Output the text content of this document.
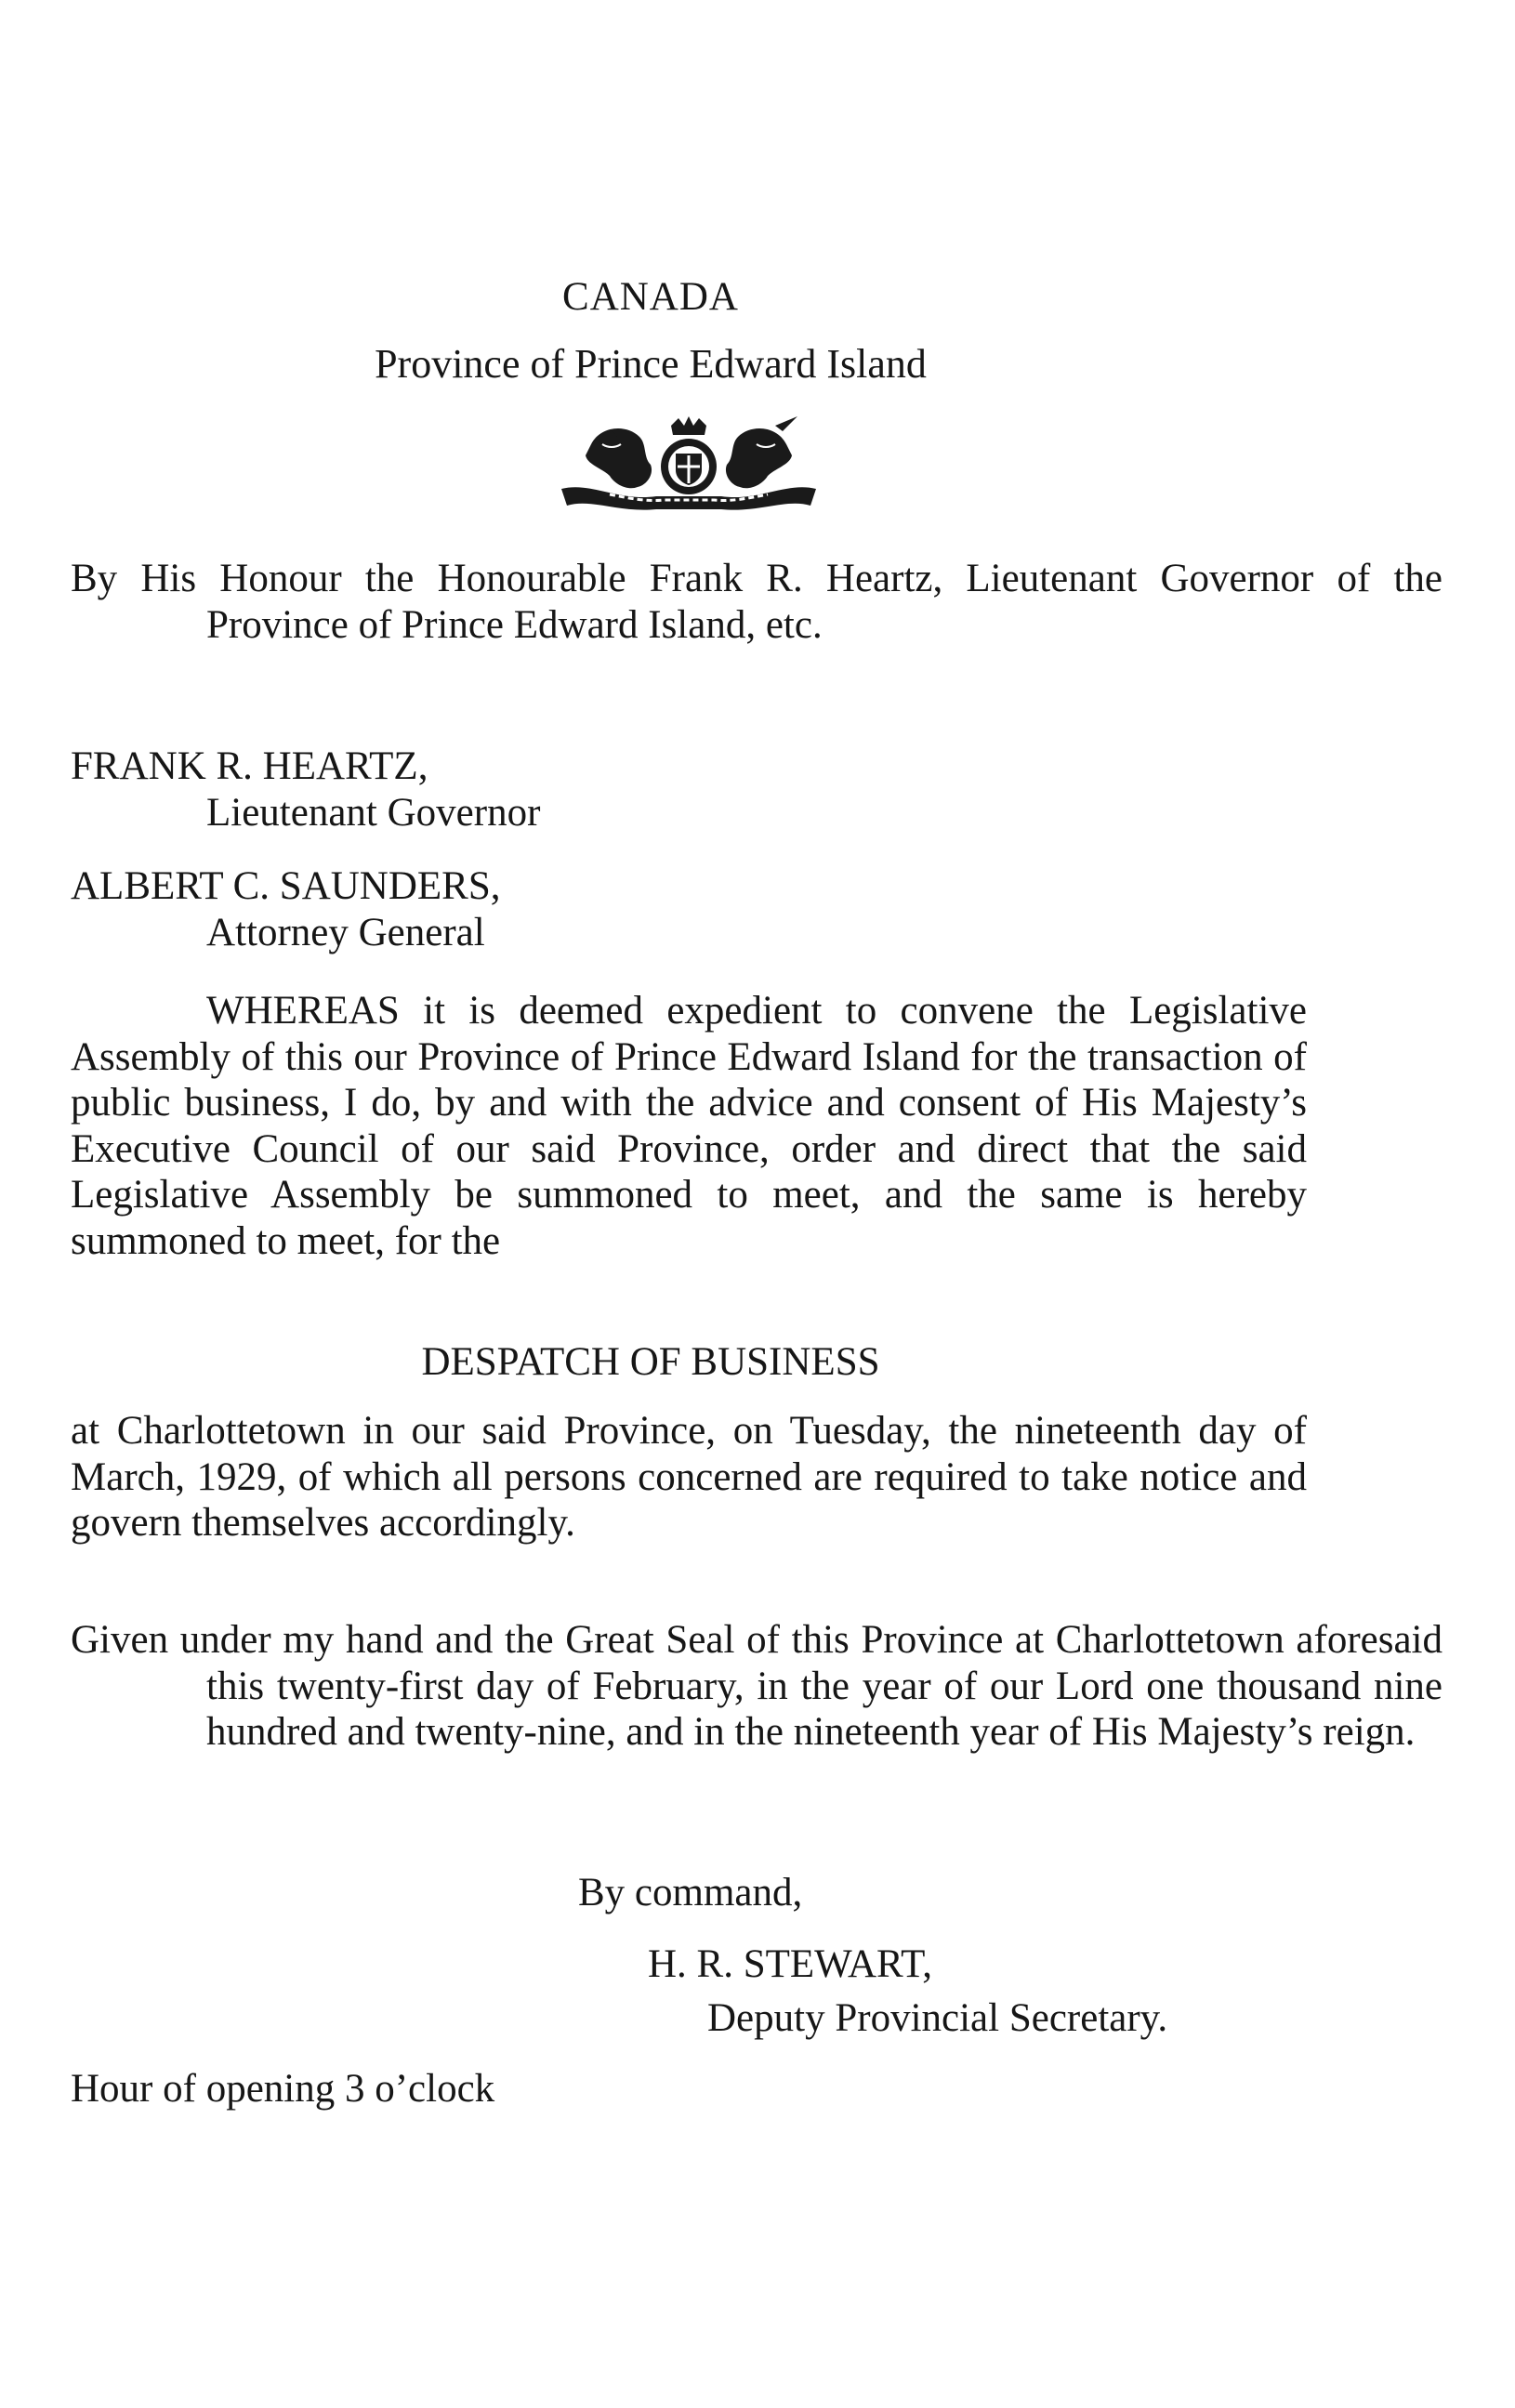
CANADA
Province of Prince Edward Island
By His Honour the Honourable Frank R. Heartz, Lieutenant Governor of the Province of Prince Edward Island, etc.
FRANK R. HEARTZ,
Lieutenant Governor
ALBERT C. SAUNDERS,
Attorney General
WHEREAS it is deemed expedient to convene the Legislative Assembly of this our Province of Prince Edward Island for the transaction of public business, I do, by and with the advice and consent of His Majesty’s Executive Council of our said Province, order and direct that the said Legislative Assembly be summoned to meet, and the same is hereby summoned to meet, for the
DESPATCH OF BUSINESS
at Charlottetown in our said Province, on Tuesday, the nineteenth day of March, 1929, of which all persons concerned are required to take notice and govern themselves accordingly.
Given under my hand and the Great Seal of this Province at Charlottetown aforesaid this twenty-first day of February, in the year of our Lord one thousand nine hundred and twenty-nine, and in the nineteenth year of His Majesty’s reign.
By command,
H. R. STEWART,
Deputy Provincial Secretary.
Hour of opening 3 o’clock
